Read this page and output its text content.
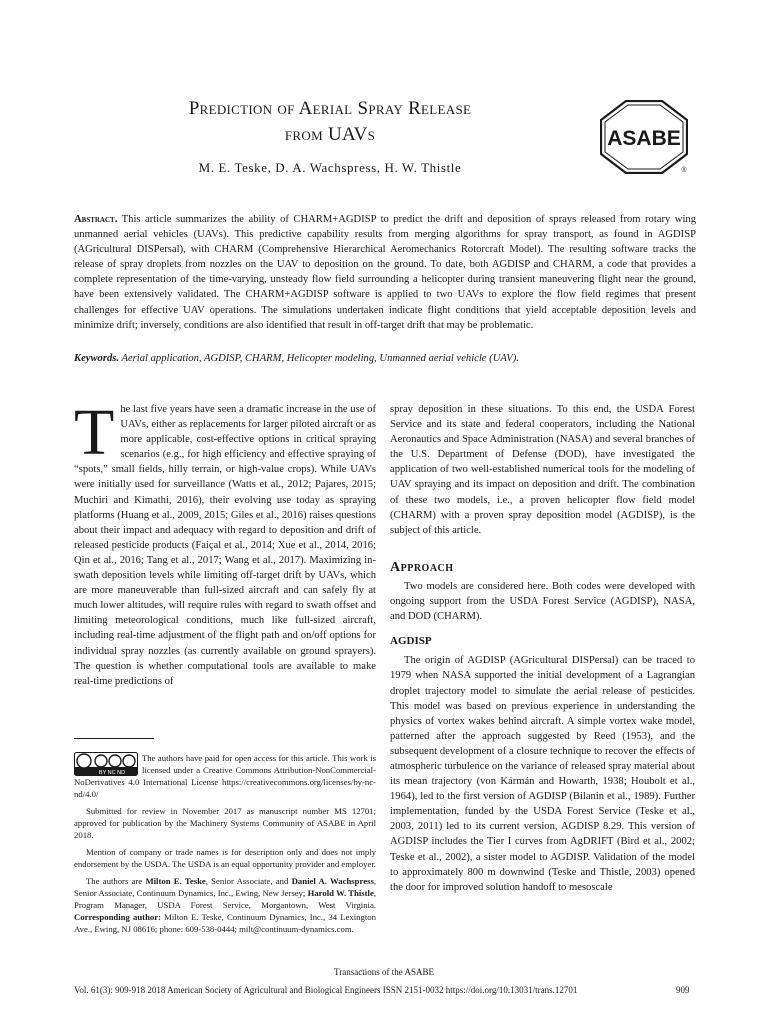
Prediction of Aerial Spray Release
from UAVs
M. E. Teske, D. A. Wachspress, H. W. Thistle
ASABE
®
Abstract. This article summarizes the ability of CHARM+AGDISP to predict the drift and deposition of sprays released from rotary wing unmanned aerial vehicles (UAVs). This predictive capability results from merging algorithms for spray transport, as found in AGDISP (AGricultural DISPersal), with CHARM (Comprehensive Hierarchical Aeromechanics Rotorcraft Model). The resulting software tracks the release of spray droplets from nozzles on the UAV to deposition on the ground. To date, both AGDISP and CHARM, a code that provides a complete representation of the time-varying, unsteady flow field surrounding a helicopter during transient maneuvering flight near the ground, have been extensively validated. The CHARM+AGDISP software is applied to two UAVs to explore the flow field regimes that present challenges for effective UAV operations. The simulations undertaken indicate flight conditions that yield acceptable deposition levels and minimize drift; inversely, conditions are also identified that result in off-target drift that may be problematic.
Keywords. Aerial application, AGDISP, CHARM, Helicopter modeling, Unmanned aerial vehicle (UAV).

The last five years have seen a dramatic increase in the use of UAVs, either as replacements for larger piloted aircraft or as more applicable, cost-effective options in critical spraying scenarios (e.g., for high efficiency and effective spraying of “spots,” small fields, hilly terrain, or high-value crops). While UAVs were initially used for surveillance (Watts et al., 2012; Pajares, 2015; Muchiri and Kimathi, 2016), their evolving use today as spraying platforms (Huang et al., 2009, 2015; Giles et al., 2016) raises questions about their impact and adequacy with regard to deposition and drift of released pesticide products (Faiçal et al., 2014; Xue et al., 2014, 2016; Qin et al., 2016; Tang et al., 2017; Wang et al., 2017). Maximizing in-swath deposition levels while limiting off-target drift by UAVs, which are more maneuverable than full-sized aircraft and can safely fly at much lower altitudes, will require rules with regard to swath offset and limiting meteorological conditions, much like full-sized aircraft, including real-time adjustment of the flight path and on/off options for individual spray nozzles (as currently available on ground sprayers). The question is whether computational tools are available to make real-time predictions of

BY NC ND
The authors have paid for open access for this article. This work is licensed under a Creative Commons Attribution-NonCommercial-NoDerivatives 4.0 International License https://creativecommons.org/licenses/by-nc-nd/4.0/

Submitted for review in November 2017 as manuscript number MS 12701; approved for publication by the Machinery Systems Community of ASABE in April 2018.

Mention of company or trade names is for description only and does not imply endorsement by the USDA. The USDA is an equal opportunity provider and employer.

The authors are Milton E. Teske, Senior Associate, and Daniel A. Wachspress, Senior Associate, Continuum Dynamics, Inc., Ewing, New Jersey; Harold W. Thistle, Program Manager, USDA Forest Service, Morgantown, West Virginia. Corresponding author: Milton E. Teske, Continuum Dynamics, Inc., 34 Lexington Ave., Ewing, NJ 08616; phone: 609-538-0444; milt@continuum-dynamics.com.

spray deposition in these situations. To this end, the USDA Forest Service and its state and federal cooperators, including the National Aeronautics and Space Administration (NASA) and several branches of the U.S. Department of Defense (DOD), have investigated the application of two well-established numerical tools for the modeling of UAV spraying and its impact on deposition and drift. The combination of these two models, i.e., a proven helicopter flow field model (CHARM) with a proven spray deposition model (AGDISP), is the subject of this article.

Approach

Two models are considered here. Both codes were developed with ongoing support from the USDA Forest Service (AGDISP), NASA, and DOD (CHARM).

AGDISP

The origin of AGDISP (AGricultural DISPersal) can be traced to 1979 when NASA supported the initial development of a Lagrangian droplet trajectory model to simulate the aerial release of pesticides. This model was based on previous experience in understanding the physics of vortex wakes behind aircraft. A simple vortex wake model, patterned after the approach suggested by Reed (1953), and the subsequent development of a closure technique to recover the effects of atmospheric turbulence on the variance of released spray material about its mean trajectory (von Kármán and Howarth, 1938; Houbolt et al., 1964), led to the first version of AGDISP (Bilanin et al., 1989). Further implementation, funded by the USDA Forest Service (Teske et al., 2003, 2011) led to its current version, AGDISP 8.29. This version of AGDISP includes the Tier I curves from AgDRIFT (Bird et al., 2002; Teske et al., 2002), a sister model to AGDISP. Validation of the model to approximately 800 m downwind (Teske and Thistle, 2003) opened the door for improved solution handoff to mesoscale

Transactions of the ASABE
Vol. 61(3): 909-918 2018 American Society of Agricultural and Biological Engineers ISSN 2151-0032 https://doi.org/10.13031/trans.12701	909
